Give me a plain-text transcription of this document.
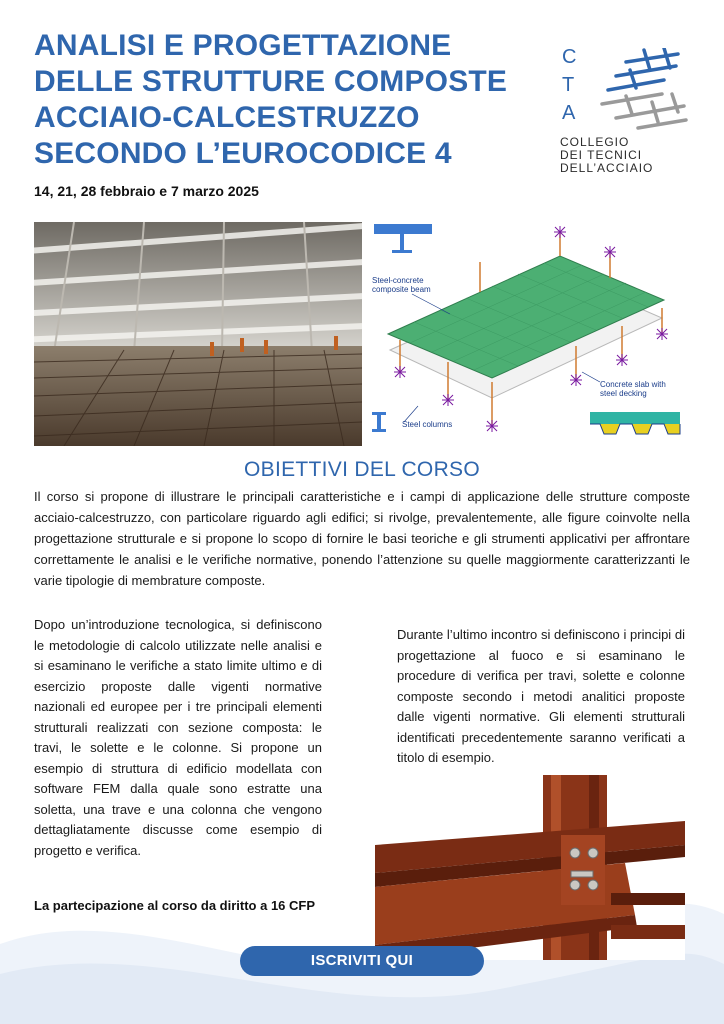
ANALISI E PROGETTAZIONE
DELLE STRUTTURE COMPOSTE
ACCIAIO-CALCESTRUZZO
SECONDO L’EUROCODICE 4
14, 21, 28 febbraio e 7 marzo 2025
C
T
A
COLLEGIO
DEI TECNICI
DELL’ACCIAIO
Steel-concrete composite beam
Concrete slab with steel decking
Steel columns
OBIETTIVI DEL CORSO

Il corso si propone di illustrare le principali caratteristiche e i campi di applicazione delle strutture composte acciaio-calcestruzzo, con particolare riguardo agli edifici; si rivolge, prevalentemente, alle figure coinvolte nella progettazione strutturale e si propone lo scopo di fornire le basi teoriche e gli strumenti applicativi per affrontare correttamente le analisi e le verifiche normative, ponendo l’attenzione su quelle maggiormente caratterizzanti le varie tipologie di membrature composte.

Dopo un’introduzione tecnologica, si definiscono le metodologie di calcolo utilizzate nelle analisi e si esaminano le verifiche a stato limite ultimo e di esercizio proposte dalle vigenti normative nazionali ed europee per i tre principali elementi strutturali realizzati con sezione composta: le travi, le solette e le colonne. Si propone un esempio di struttura di edificio modellata con software FEM dalla quale sono estratte una soletta, una trave e una colonna che vengono dettagliatamente discusse come esempio di progetto e verifica.

Durante l’ultimo incontro si definiscono i principi di progettazione al fuoco e si esaminano le procedure di verifica per travi, solette e colonne composte secondo i metodi analitici proposte dalle vigenti normative. Gli elementi strutturali identificati precedentemente saranno verificati a titolo di esempio.

La partecipazione al corso da diritto a 16 CFP
ISCRIVITI QUI
